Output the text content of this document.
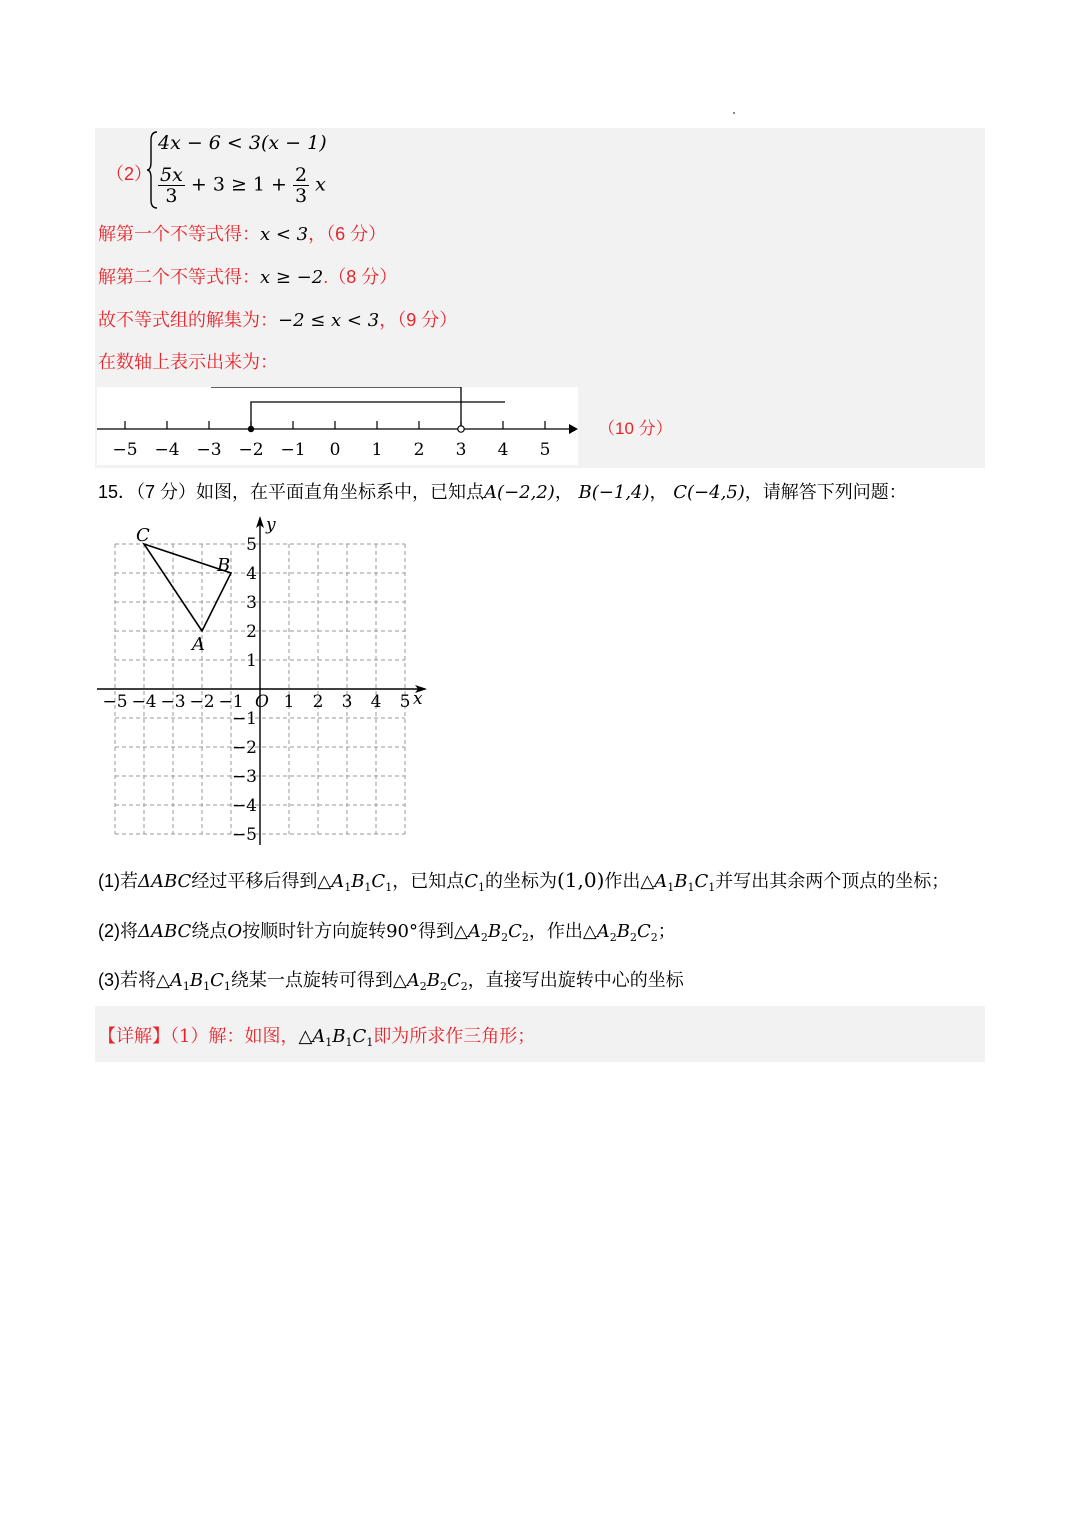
（2）
4x − 6 < 3(x − 1)
$\frac{5x}{3} + 3 \ge 1 + \frac{2}{3}$ x
解第一个不等式得：x < 3，（6 分）
解第二个不等式得：x ≥ −2.（8 分）
故不等式组的解集为：−2 ≤ x < 3，（9 分）
在数轴上表示出来为：
−5 −4 −3 −2 −1 0 1 2 3 4 5
（10 分）
15．（7 分）如图，在平面直角坐标系中，已知点A(−2,2)， B(−1,4)， C(−4,5)，请解答下列问题：
−5 −4 −3 −2 −1 1 2 3 4 5
5
4
3
2
1
−1
−2
−3
−4
−5
O	x
y
A
B
C
(1)若ΔABC经过平移后得到$\triangle A_1B_1C_1$，已知点$C_1$的坐标为(1,0)作出$\triangle A_1B_1C_1$并写出其余两个顶点的坐标；
(2)将ΔABC绕点O按顺时针方向旋转90°得到$\triangle A_2B_2C_2$，作出$\triangle A_2B_2C_2$；
(3)若将$\triangle A_1B_1C_1$绕某一点旋转可得到$\triangle A_2B_2C_2$，直接写出旋转中心的坐标
【详解】（1）解：如图，$\triangle A_1B_1C_1$即为所求作三角形；
